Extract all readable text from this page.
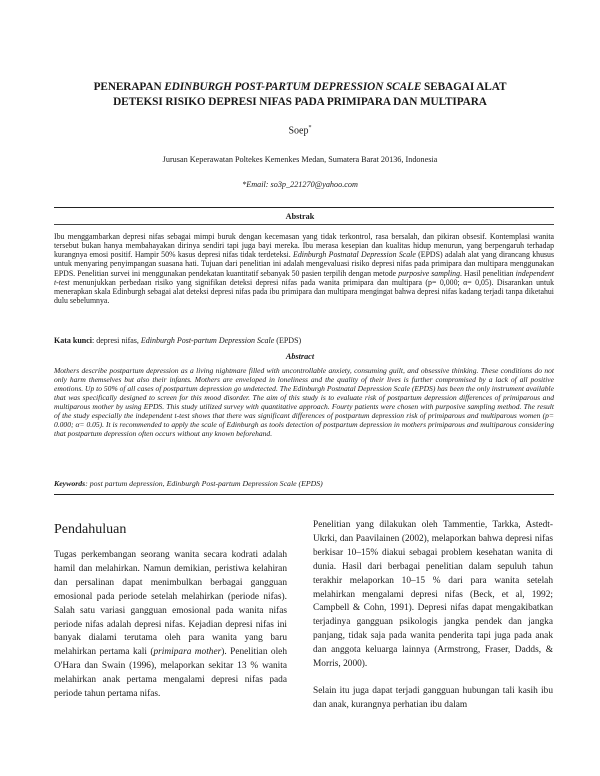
PENERAPAN EDINBURGH POST-PARTUM DEPRESSION SCALE SEBAGAI ALAT
DETEKSI RISIKO DEPRESI NIFAS PADA PRIMIPARA DAN MULTIPARA
Soep*
Jurusan Keperawatan Poltekes Kemenkes Medan, Sumatera Barat 20136, Indonesia
*Email: so3p_221270@yahoo.com
Abstrak
Ibu menggambarkan depresi nifas sebagai mimpi buruk dengan kecemasan yang tidak terkontrol, rasa bersalah, dan pikiran obsesif. Kontemplasi wanita tersebut bukan hanya membahayakan dirinya sendiri tapi juga bayi mereka. Ibu merasa kesepian dan kualitas hidup menurun, yang berpengaruh terhadap kurangnya emosi positif. Hampir 50% kasus depresi nifas tidak terdeteksi. Edinburgh Postnatal Depression Scale (EPDS) adalah alat yang dirancang khusus untuk menyaring penyimpangan suasana hati. Tujuan dari penelitian ini adalah mengevaluasi risiko depresi nifas pada primipara dan multipara menggunakan EPDS. Penelitian survei ini menggunakan pendekatan kuantitatif sebanyak 50 pasien terpilih dengan metode purposive sampling. Hasil penelitian independent t-test menunjukkan perbedaan risiko yang signifikan deteksi depresi nifas pada wanita primipara dan multipara (p= 0,000; α= 0,05). Disarankan untuk menerapkan skala Edinburgh sebagai alat deteksi depresi nifas pada ibu primipara dan multipara mengingat bahwa depresi nifas kadang terjadi tanpa diketahui dulu sebelumnya.
Kata kunci: depresi nifas, Edinburgh Post-partum Depression Scale (EPDS)
Abstract
Mothers describe postpartum depression as a living nightmare filled with uncontrollable anxiety, consuming guilt, and obsessive thinking. These conditions do not only harm themselves but also their infants. Mothers are enveloped in loneliness and the quality of their lives is further compromised by a lack of all positive emotions. Up to 50% of all cases of postpartum depression go undetected. The Edinburgh Postnatal Depression Scale (EPDS) has been the only instrument available that was specifically designed to screen for this mood disorder. The aim of this study is to evaluate risk of postpartum depression differences of primiparous and multiparous mother by using EPDS. This study utilized survey with quantitative approach. Fourty patients were chosen with purposive sampling method. The result of the study especially the independent t-test shows that there was significant differences of postpartum depression risk of primiparous and multiparous women (p= 0.000; α= 0.05). It is recommended to apply the scale of Edinburgh as tools detection of postpartum depression in mothers primiparous and multiparous considering that postpartum depression often occurs without any known beforehand.
Keywords: post partum depression, Edinburgh Post-partum Depression Scale (EPDS)
Pendahuluan

Tugas perkembangan seorang wanita secara kodrati adalah hamil dan melahirkan. Namun demikian, peristiwa kelahiran dan persalinan dapat menimbulkan berbagai gangguan emosional pada periode setelah melahirkan (periode nifas). Salah satu variasi gangguan emosional pada wanita nifas periode nifas adalah depresi nifas. Kejadian depresi nifas ini banyak dialami terutama oleh para wanita yang baru melahirkan pertama kali (primipara mother). Penelitian oleh O'Hara dan Swain (1996), melaporkan sekitar 13 % wanita melahirkan anak pertama mengalami depresi nifas pada periode tahun pertama nifas.

Penelitian yang dilakukan oleh Tammentie, Tarkka, Astedt-Ukrki, dan Paavilainen (2002), melaporkan bahwa depresi nifas berkisar 10–15% diakui sebagai problem kesehatan wanita di dunia. Hasil dari berbagai penelitian dalam sepuluh tahun terakhir melaporkan 10–15 % dari para wanita setelah melahirkan mengalami depresi nifas (Beck, et al, 1992; Campbell & Cohn, 1991). Depresi nifas dapat mengakibatkan terjadinya gangguan psikologis jangka pendek dan jangka panjang, tidak saja pada wanita penderita tapi juga pada anak dan anggota keluarga lainnya (Armstrong, Fraser, Dadds, & Morris, 2000).

Selain itu juga dapat terjadi gangguan hubungan tali kasih ibu dan anak, kurangnya perhatian ibu dalam
